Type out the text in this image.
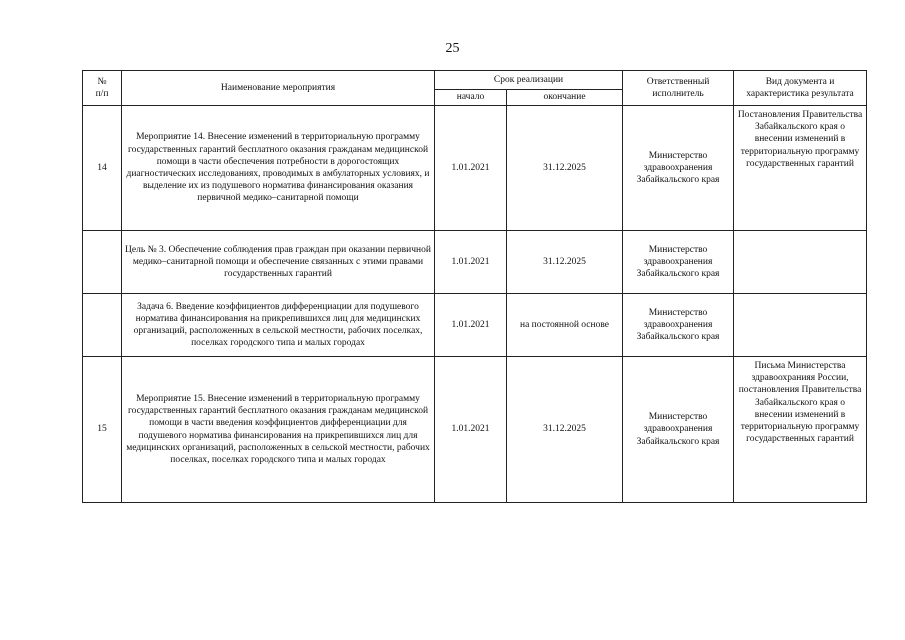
25
№
п/п	Наименование мероприятия	Срок реализации		Ответственный исполнитель	Вид документа и характеристика результата
		начало	окончание		
14	Мероприятие 14. Внесение изменений в территориальную программу государственных гарантий бесплатного оказания гражданам медицинской помощи в части обеспечения потребности в дорогостоящих диагностических исследованиях, проводимых в амбулаторных условиях, и выделение их из подушевого норматива финансирования оказания первичной медико–санитарной помощи	1.01.2021	31.12.2025	Министерство здравоохранения Забайкальского края	Постановления Правительства Забайкальского края о внесении изменений в территориальную программу государственных гарантий
	Цель № 3. Обеспечение соблюдения прав граждан при оказании первичной медико–санитарной помощи и обеспечение связанных с этими правами государственных гарантий	1.01.2021	31.12.2025	Министерство здравоохранения Забайкальского края	
	Задача 6. Введение коэффициентов дифференциации для подушевого норматива финансирования на прикрепившихся лиц для медицинских организаций, расположенных в сельской местности, рабочих поселках, поселках городского типа и малых городах	1.01.2021	на постоянной основе	Министерство здравоохранения Забайкальского края	
15	Мероприятие 15. Внесение изменений в территориальную программу государственных гарантий бесплатного оказания гражданам медицинской помощи в части введения коэффициентов дифференциации для подушевого норматива финансирования на прикрепившихся лиц для медицинских организаций, расположенных в сельской местности, рабочих поселках, поселках городского типа и малых городах	1.01.2021	31.12.2025	Министерство здравоохранения Забайкальского края	Письма Министерства здравоохранияя России, постановления Правительства Забайкальского края о внесении изменений в территориальную программу государственных гарантий
